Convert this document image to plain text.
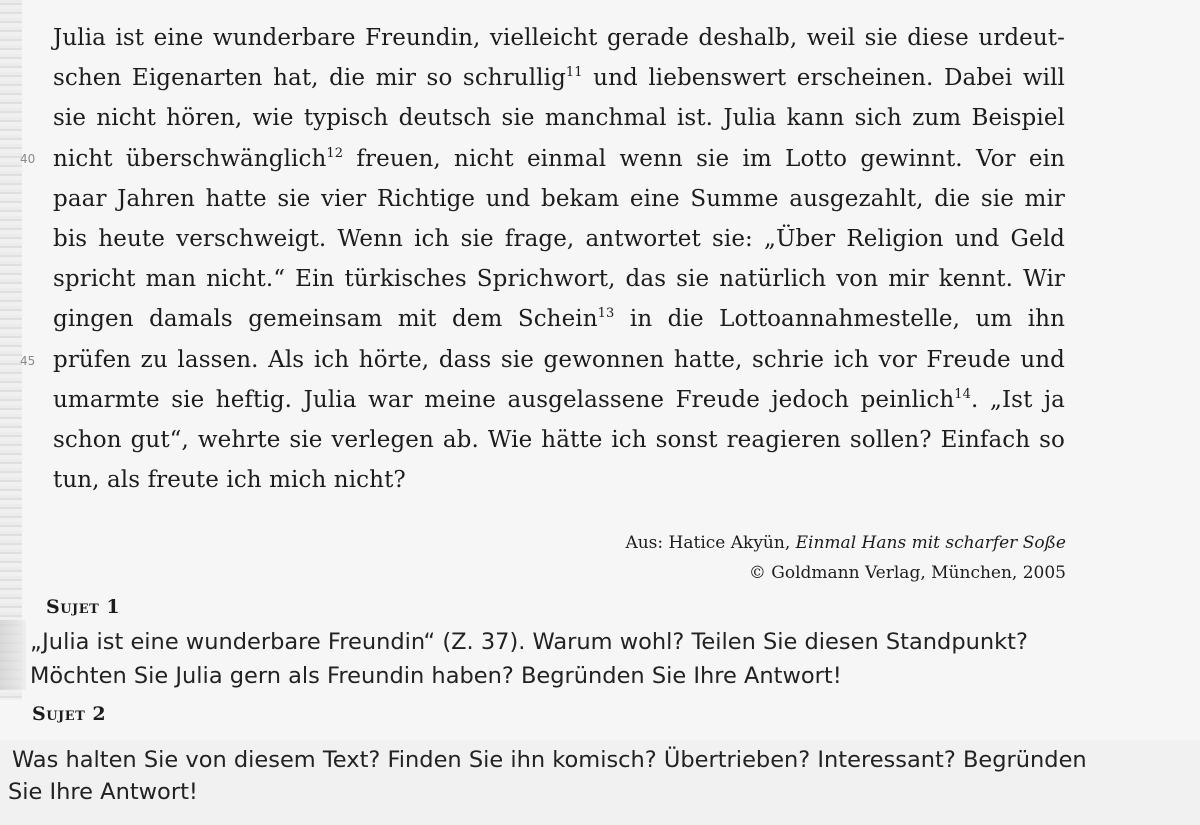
40
45
Julia ist eine wunderbare Freundin, vielleicht gerade deshalb, weil sie diese urdeut-
schen Eigenarten hat, die mir so schrullig$^{11}$ und liebenswert erscheinen. Dabei will
sie nicht hören, wie typisch deutsch sie manchmal ist. Julia kann sich zum Beispiel
nicht überschwänglich$^{12}$ freuen, nicht einmal wenn sie im Lotto gewinnt. Vor ein
paar Jahren hatte sie vier Richtige und bekam eine Summe ausgezahlt, die sie mir
bis heute verschweigt. Wenn ich sie frage, antwortet sie: „Über Religion und Geld
spricht man nicht.“ Ein türkisches Sprichwort, das sie natürlich von mir kennt. Wir
gingen damals gemeinsam mit dem Schein$^{13}$ in die Lottoannahmestelle, um ihn
prüfen zu lassen. Als ich hörte, dass sie gewonnen hatte, schrie ich vor Freude und
umarmte sie heftig. Julia war meine ausgelassene Freude jedoch peinlich$^{14}$. „Ist ja
schon gut“, wehrte sie verlegen ab. Wie hätte ich sonst reagieren sollen? Einfach so
tun, als freute ich mich nicht?
Aus: Hatice Akyün, Einmal Hans mit scharfer Soße
© Goldmann Verlag, München, 2005
Sujet 1
„Julia ist eine wunderbare Freundin“ (Z. 37). Warum wohl? Teilen Sie diesen Standpunkt?
Möchten Sie Julia gern als Freundin haben? Begründen Sie Ihre Antwort!
Sujet 2
Was halten Sie von diesem Text? Finden Sie ihn komisch? Übertrieben? Interessant? Begründen
Sie Ihre Antwort!
